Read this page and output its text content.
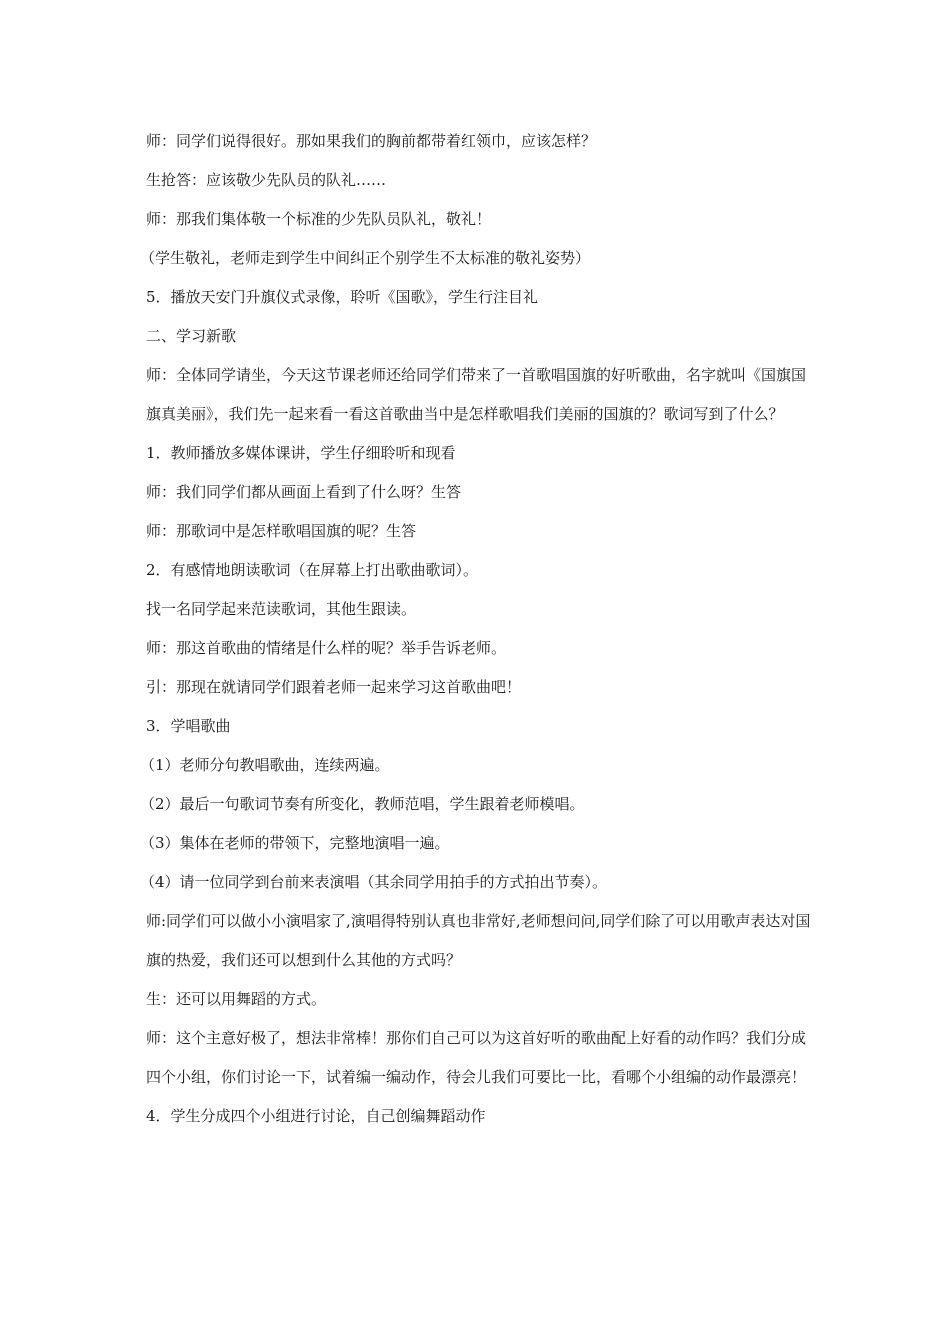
师：同学们说得很好。那如果我们的胸前都带着红领巾，应该怎样？

生抢答：应该敬少先队员的队礼……

师：那我们集体敬一个标准的少先队员队礼，敬礼！

（学生敬礼，老师走到学生中间纠正个别学生不太标准的敬礼姿势）

5．播放天安门升旗仪式录像，聆听《国歌》，学生行注目礼

二、学习新歌

师：全体同学请坐，今天这节课老师还给同学们带来了一首歌唱国旗的好听歌曲，名字就叫《国旗国旗真美丽》，我们先一起来看一看这首歌曲当中是怎样歌唱我们美丽的国旗的？歌词写到了什么？

1．教师播放多媒体课讲，学生仔细聆听和现看

师：我们同学们都从画面上看到了什么呀？生答

师：那歌词中是怎样歌唱国旗的呢？生答

2．有感情地朗读歌词（在屏幕上打出歌曲歌词）。

找一名同学起来范读歌词，其他生跟读。

师：那这首歌曲的情绪是什么样的呢？举手告诉老师。

引：那现在就请同学们跟着老师一起来学习这首歌曲吧！

3．学唱歌曲

（1）老师分句教唱歌曲，连续两遍。

（2）最后一句歌词节奏有所变化，教师范唱，学生跟着老师模唱。

（3）集体在老师的带领下，完整地演唱一遍。

（4）请一位同学到台前来表演唱（其余同学用拍手的方式拍出节奏）。

师:同学们可以做小小演唱家了,演唱得特别认真也非常好,老师想问问,同学们除了可以用歌声表达对国旗的热爱，我们还可以想到什么其他的方式吗？

生：还可以用舞蹈的方式。

师：这个主意好极了，想法非常棒！那你们自己可以为这首好听的歌曲配上好看的动作吗？我们分成四个小组，你们讨论一下，试着编一编动作，待会儿我们可要比一比，看哪个小组编的动作最漂亮！

4．学生分成四个小组进行讨论，自己创编舞蹈动作
